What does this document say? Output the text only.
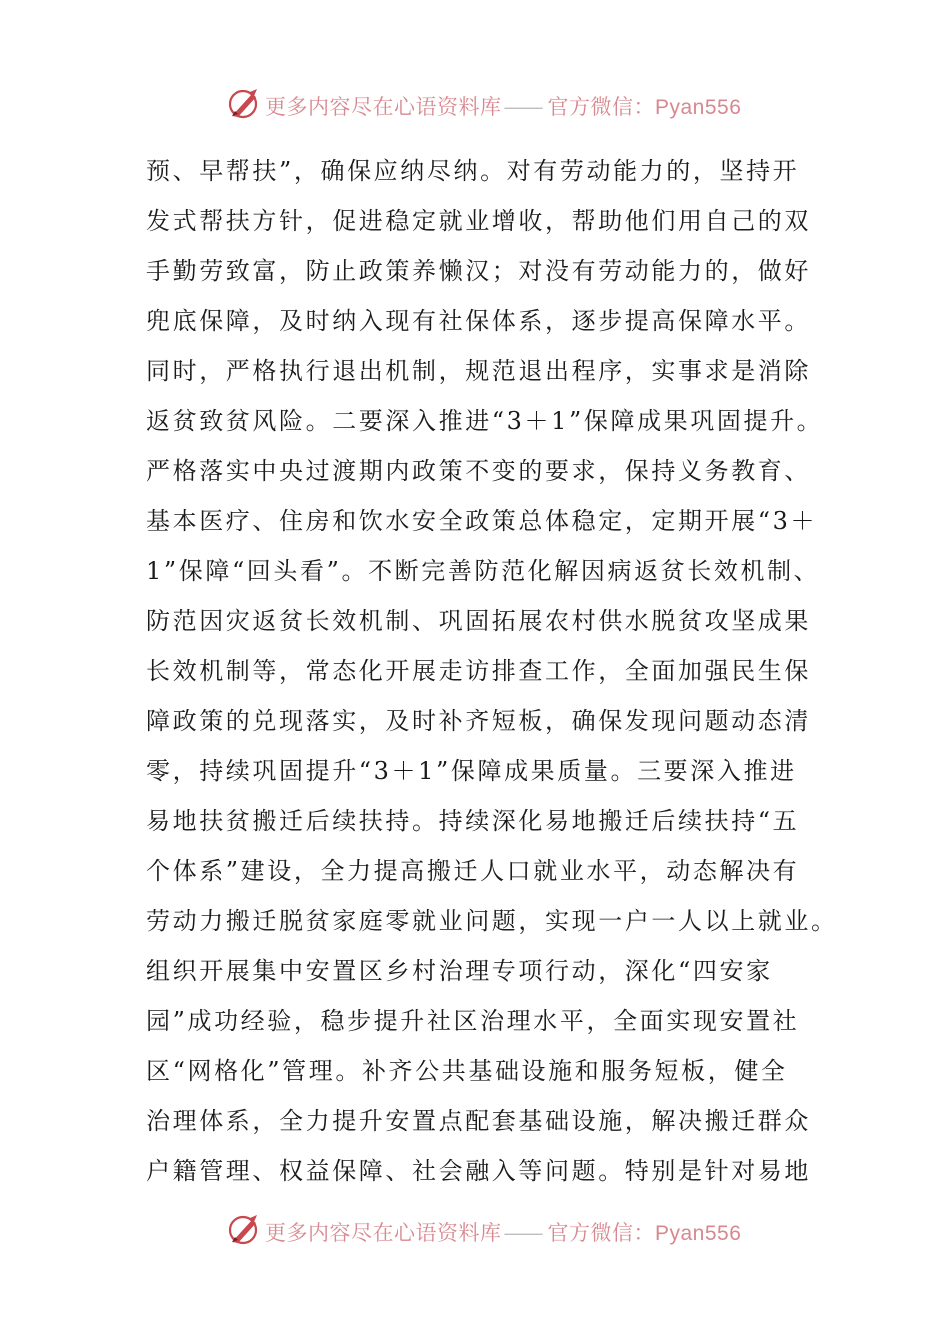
更多内容尽在心语资料库—— 官方微信：Pyan556
预、早帮扶”，确保应纳尽纳。对有劳动能力的，坚持开
发式帮扶方针，促进稳定就业增收，帮助他们用自己的双
手勤劳致富，防止政策养懒汉；对没有劳动能力的，做好
兜底保障，及时纳入现有社保体系，逐步提高保障水平。
同时，严格执行退出机制，规范退出程序，实事求是消除
返贫致贫风险。二要深入推进“3＋1”保障成果巩固提升。
严格落实中央过渡期内政策不变的要求，保持义务教育、
基本医疗、住房和饮水安全政策总体稳定，定期开展“3＋
1”保障“回头看”。不断完善防范化解因病返贫长效机制、
防范因灾返贫长效机制、巩固拓展农村供水脱贫攻坚成果
长效机制等，常态化开展走访排查工作，全面加强民生保
障政策的兑现落实，及时补齐短板，确保发现问题动态清
零，持续巩固提升“3＋1”保障成果质量。三要深入推进
易地扶贫搬迁后续扶持。持续深化易地搬迁后续扶持“五
个体系”建设，全力提高搬迁人口就业水平，动态解决有
劳动力搬迁脱贫家庭零就业问题，实现一户一人以上就业。
组织开展集中安置区乡村治理专项行动，深化“四安家
园”成功经验，稳步提升社区治理水平，全面实现安置社
区“网格化”管理。补齐公共基础设施和服务短板，健全
治理体系，全力提升安置点配套基础设施，解决搬迁群众
户籍管理、权益保障、社会融入等问题。特别是针对易地
更多内容尽在心语资料库—— 官方微信：Pyan556
